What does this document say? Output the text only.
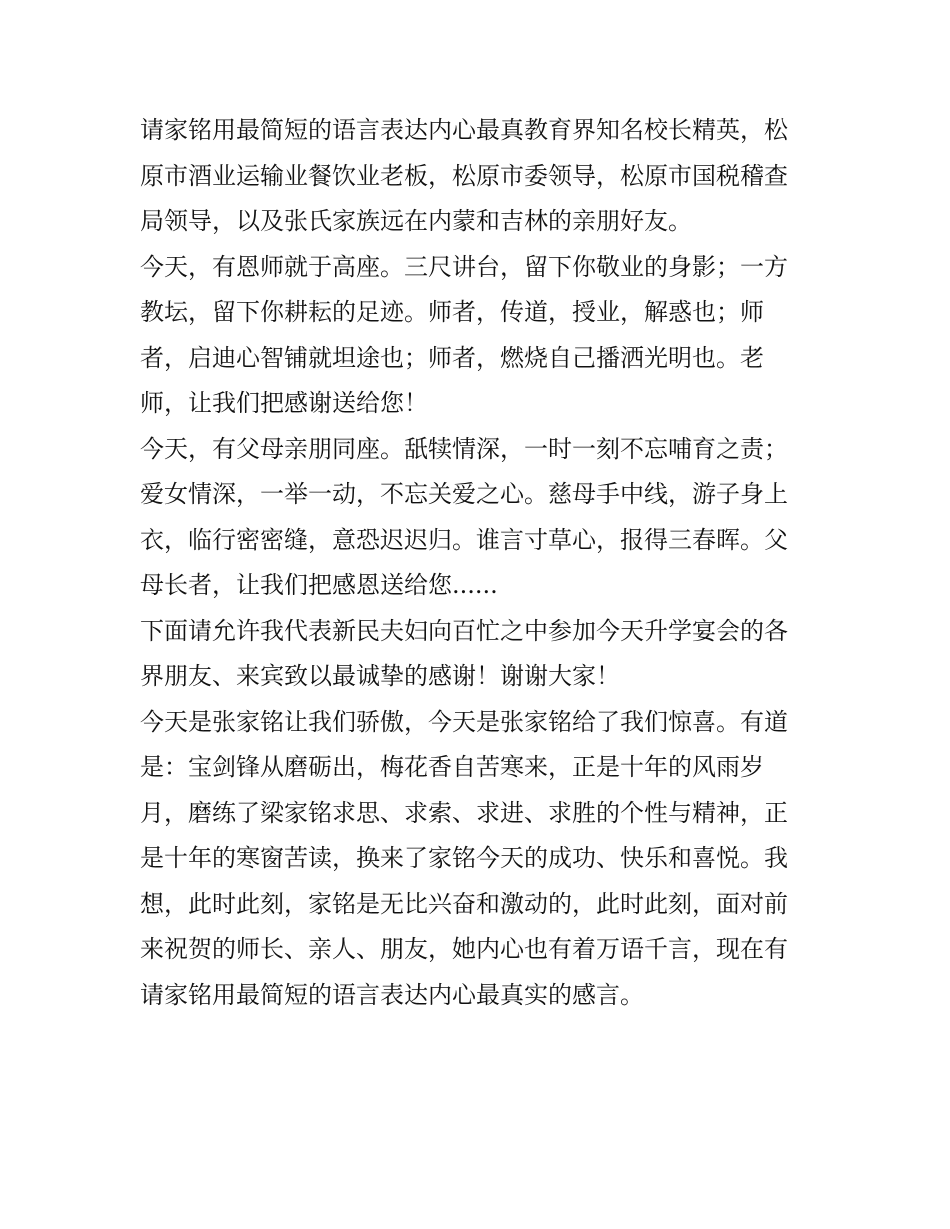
请家铭用最简短的语言表达内心最真教育界知名校长精英，松
原市酒业运输业餐饮业老板，松原市委领导，松原市国税稽查
局领导，以及张氏家族远在内蒙和吉林的亲朋好友。
今天，有恩师就于高座。三尺讲台，留下你敬业的身影；一方
教坛，留下你耕耘的足迹。师者，传道，授业，解惑也；师
者，启迪心智铺就坦途也；师者，燃烧自己播洒光明也。老
师，让我们把感谢送给您！
今天，有父母亲朋同座。舐犊情深，一时一刻不忘哺育之责；
爱女情深，一举一动，不忘关爱之心。慈母手中线，游子身上
衣，临行密密缝，意恐迟迟归。谁言寸草心，报得三春晖。父
母长者，让我们把感恩送给您......
下面请允许我代表新民夫妇向百忙之中参加今天升学宴会的各
界朋友、来宾致以最诚挚的感谢！谢谢大家！
今天是张家铭让我们骄傲，今天是张家铭给了我们惊喜。有道
是：宝剑锋从磨砺出，梅花香自苦寒来，正是十年的风雨岁
月，磨练了梁家铭求思、求索、求进、求胜的个性与精神，正
是十年的寒窗苦读，换来了家铭今天的成功、快乐和喜悦。我
想，此时此刻，家铭是无比兴奋和激动的，此时此刻，面对前
来祝贺的师长、亲人、朋友，她内心也有着万语千言，现在有
请家铭用最简短的语言表达内心最真实的感言。
